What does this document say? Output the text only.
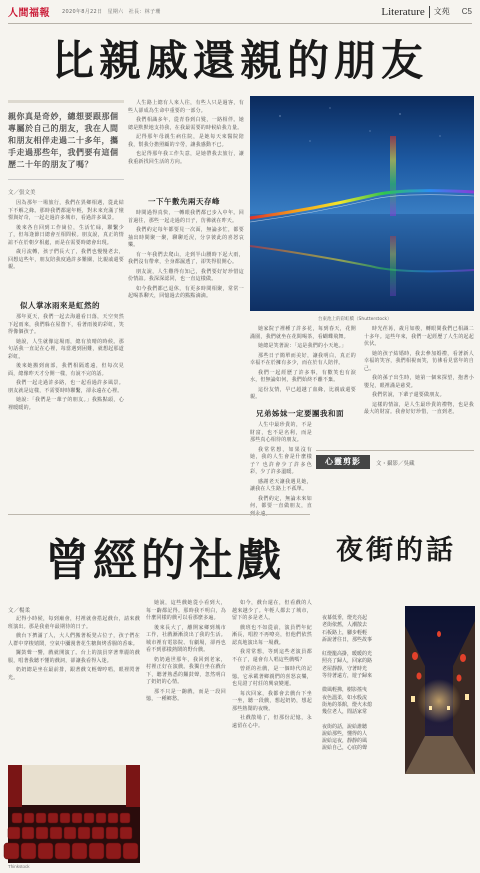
人間福報 2020年8月22日　星期六　社長：林子珊	Literature	文苑 C5
比親戚還親的朋友
親你真是奇妙，總想要跟那個專屬於自己的朋友，我在人間和朋友相伴走過二十多年，攜手走過那些年，我們要有這個歷二十年的朋友了嗎？
文／張文美

因為那年一場旅行，我們在異鄉相遇，從此結下不解之緣。那時我們都還年輕，對未來充滿了憧憬與好奇，一起走過許多城市，看過許多風景。

後來各自回到工作崗位，生活忙碌，聯繫少了，但每逢節日總會互相問候。朋友說，真正的情誼不在於朝夕相處，而是在需要時總會出現。

歲月流轉，孩子們長大了，我們也慢慢老去，回想這些年，朋友陪我度過許多難關，比親戚還要親。

似人掌冰雨來是虹然的

那年夏天，我們一起去海邊看日落，天空突然下起雨來，我們躲在屋簷下，看著雨後的彩虹，笑得像個孩子。

她說，人生就像這場雨，總有放晴的時候。那句話我一直記在心裡，每當遇到困難，就想起那道彩虹。

後來她搬到南部，我們相隔遙遠，但每次見面，總像昨天才分開一樣，有說不完的話。

我們一起走過許多路，也一起看過許多風景。朋友就是這樣，不需要時時聯繫，卻永遠在心裡。

她說：「我們是一輩子的朋友。」我點點頭，心裡暖暖的。

人生路上總有人來人往，有些人只是過客，有些人卻成為生命中重要的一部分。

我們相識多年，從青春到白髮，一路相伴。她總是默默地支持我，在我最需要的時候給我力量。

記得那年母親生病住院，是她每天來醫院陪我，幫我分擔照顧的辛勞，讓我感動不已。

也記得那年我工作失意，是她帶我去旅行，讓我重新找回生活的方向。

一下午數先兩天存峰

時間過得真快，一轉眼我們都已步入中年。回首過往，那些一起走過的日子，彷彿就在昨天。

我們約定每年都要見一次面，無論多忙，都要抽出時間聚一聚，聊聊近況，分享彼此的喜怒哀樂。

有一年我們去爬山，走到半山腰時下起大雨，我們沒有帶傘，全身都濕透了，卻笑得很開心。

朋友說，人生難得有知己，我們要好好珍惜這份情誼。我深深認同，也一直這樣做。

如今我們都已退休，有更多時間相聚，常常一起喝茶聊天，回憶過去的點點滴滴。

台東池上的彩虹橋（Shutterstock）

她家院子裡種了許多花，每到春天，花開滿園，我們就坐在花間喝茶，看蝴蝶飛舞。

她總是笑著說：「這是我們的小天地。」

那些日子簡單而美好，讓我明白，真正的幸福不在於擁有多少，而在於有人陪伴。

我們一起經歷了許多事，有歡笑也有淚水，但無論如何，我們始終不離不棄。

這份友情，早已超越了血緣，比親戚還要親。

兄弟姊妹一定要團我和面

人生中最珍貴的，不是財富，也不是名利，而是那些真心相待的朋友。

我常常想，如果沒有她，我的人生會是什麼樣子？也許會少了許多色彩，少了許多溫暖。

感謝老天讓我遇見她，讓我在人生路上不孤單。

我們約定，無論未來如何，都要一直做朋友，直

時光荏苒，歲月如梭，轉眼間我們已相識二十多年。這些年來，我們一起經歷了人生的起起伏伏。

她的孩子結婚時，我去參加婚禮，看著新人幸福的笑容，我們相視而笑，彷彿看見當年的自己。

我的孫子出生時，她第一個來探望，抱著小嬰兒，眼裡滿是慈愛。

我們常說，下輩子還要做朋友。

這樣的情誼，是人生最珍貴的禮物，也是我最大的財富。我會好好珍惜，一直到老。

心靈剪影	文・攝影／吳藏
夜街的話
夜幕低垂，燈光亮起
老街依舊，人潮散去
石板路上，腳步輕輕
訴說著往日，那些故事
紅燈籠高掛，暖暖的光
照亮了歸人，回家的路
老屋靜靜，守著時光
等待著遠方，遊子歸來
微風輕拂，樹影搖曳
夜色溫柔，如水般流
街角的茶館，燈火未熄
幾位老人，閒話家常
夜街的話，說給誰聽
說給那些，懂得的人
說給這夜，靜靜的風
說給自己，心底的聲
曾經的社戲
文／楊柔

記得小時候，每到廟會，村裡就會搭起戲台，請來戲班演出。那是我童年最期待的日子。

戲台下擠滿了人，大人們搬著板凳占位子，孩子們在人群中穿梭嬉鬧，空氣中瀰漫著花生糖與烤香腸的香味。

鑼鼓聲一響，戲就開演了。台上的演員穿著華麗的戲服，唱著我聽不懂的戲詞，卻讓我看得入迷。

奶奶總是坐在最前排，跟著戲文輕聲哼唱，眼裡閃著光。

Thinkstock

她說，這些戲她從小看到大，每一齣都記得。那時我不明白，為什麼同樣的戲可以看那麼多遍。

後來長大了，離開家鄉到城市工作，社戲漸漸淡出了我的生活。城市裡有電影院、有劇場，卻再也看不到那樣熱鬧的野台戲。

奶奶過世那年，我回到老家，村裡正好在演戲。我獨自坐在戲台下，聽著熟悉的鑼鼓聲，忽然明白了奶奶的心情。

那不只是一齣戲，而是一段回憶，一種鄉愁。

如今，戲台還在，但看戲的人越來越少了。年輕人都去了城市，留下的多是老人。

戲班也不如從前，演員們年紀漸長，唱腔不再嘹亮，但他們依然認真地演出每一場戲。

我常常想，等到這些老演員都不在了，還會有人唱這些戲嗎？

曾經的社戲，是一個時代的記憶。它承載著鄉親們的喜怒哀樂，也見證了村莊的興衰變遷。

每次回家，我都會去戲台下坐一坐，聽一段戲，想起奶奶，想起那些熱鬧的夜晚。

社戲散場了，但那份記憶，永遠留在心中。
